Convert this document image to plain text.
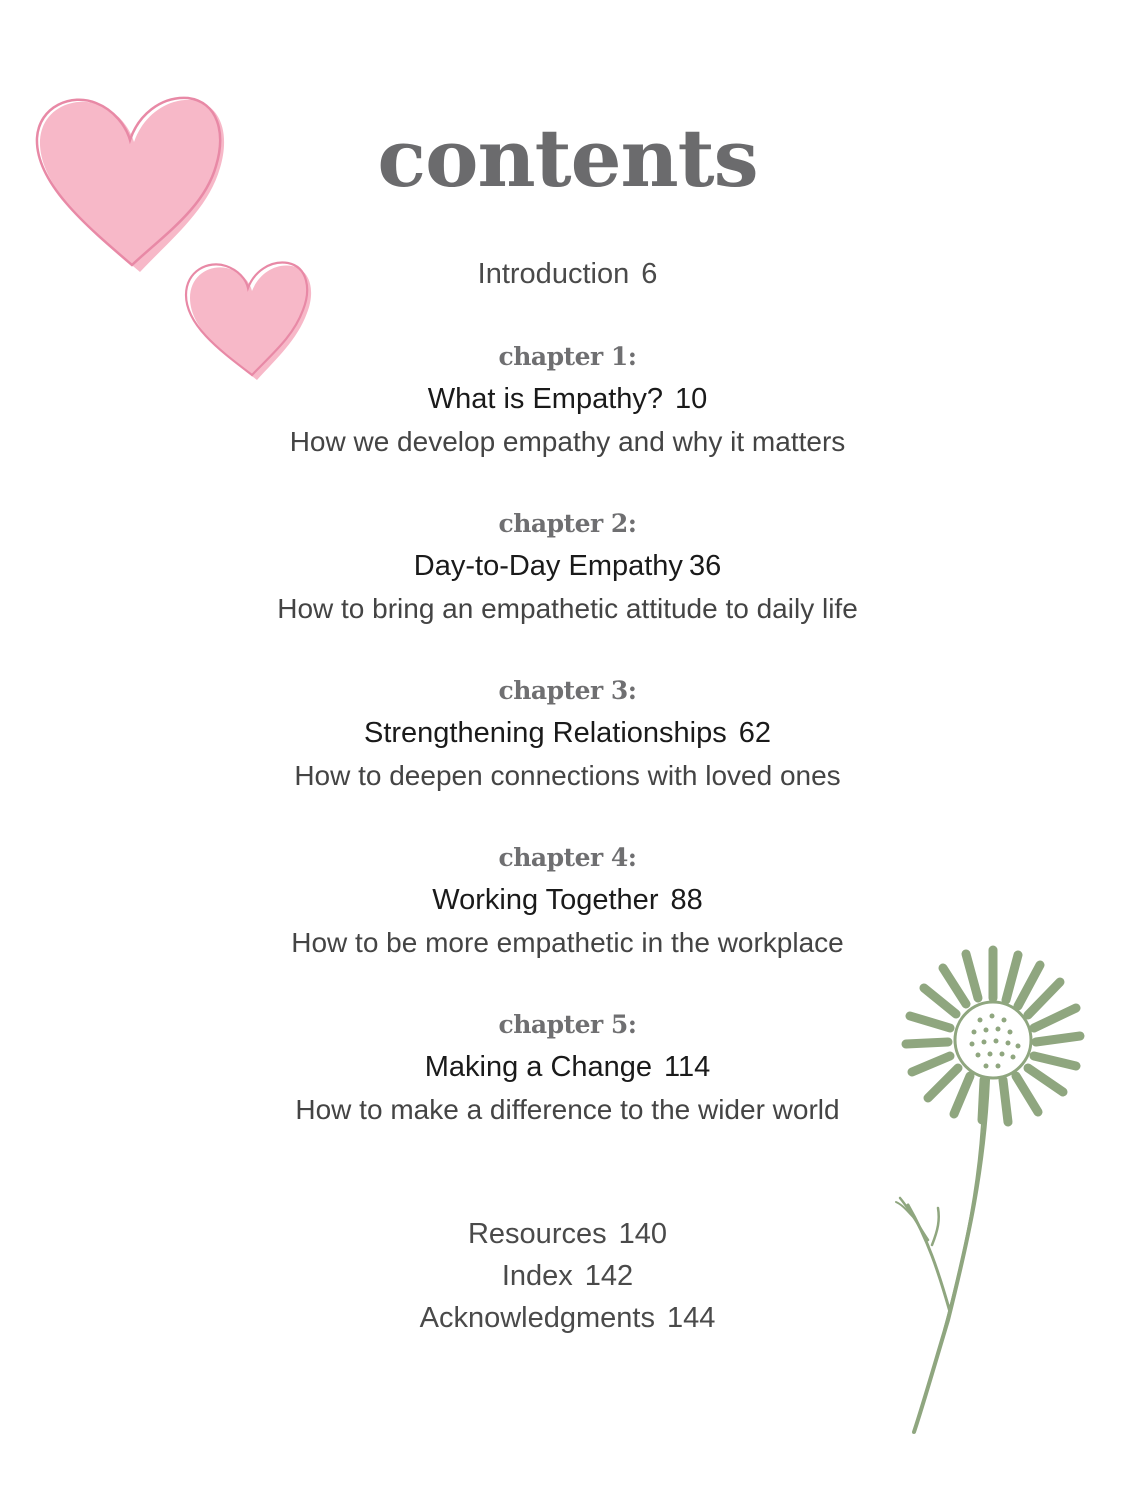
contents
Introduction 6
chapter 1:
What is Empathy? 10
How we develop empathy and why it matters
chapter 2:
Day-to-Day Empathy 36
How to bring an empathetic attitude to daily life
chapter 3:
Strengthening Relationships 62
How to deepen connections with loved ones
chapter 4:
Working Together 88
How to be more empathetic in the workplace
chapter 5:
Making a Change 114
How to make a difference to the wider world
Resources 140
Index 142
Acknowledgments 144
